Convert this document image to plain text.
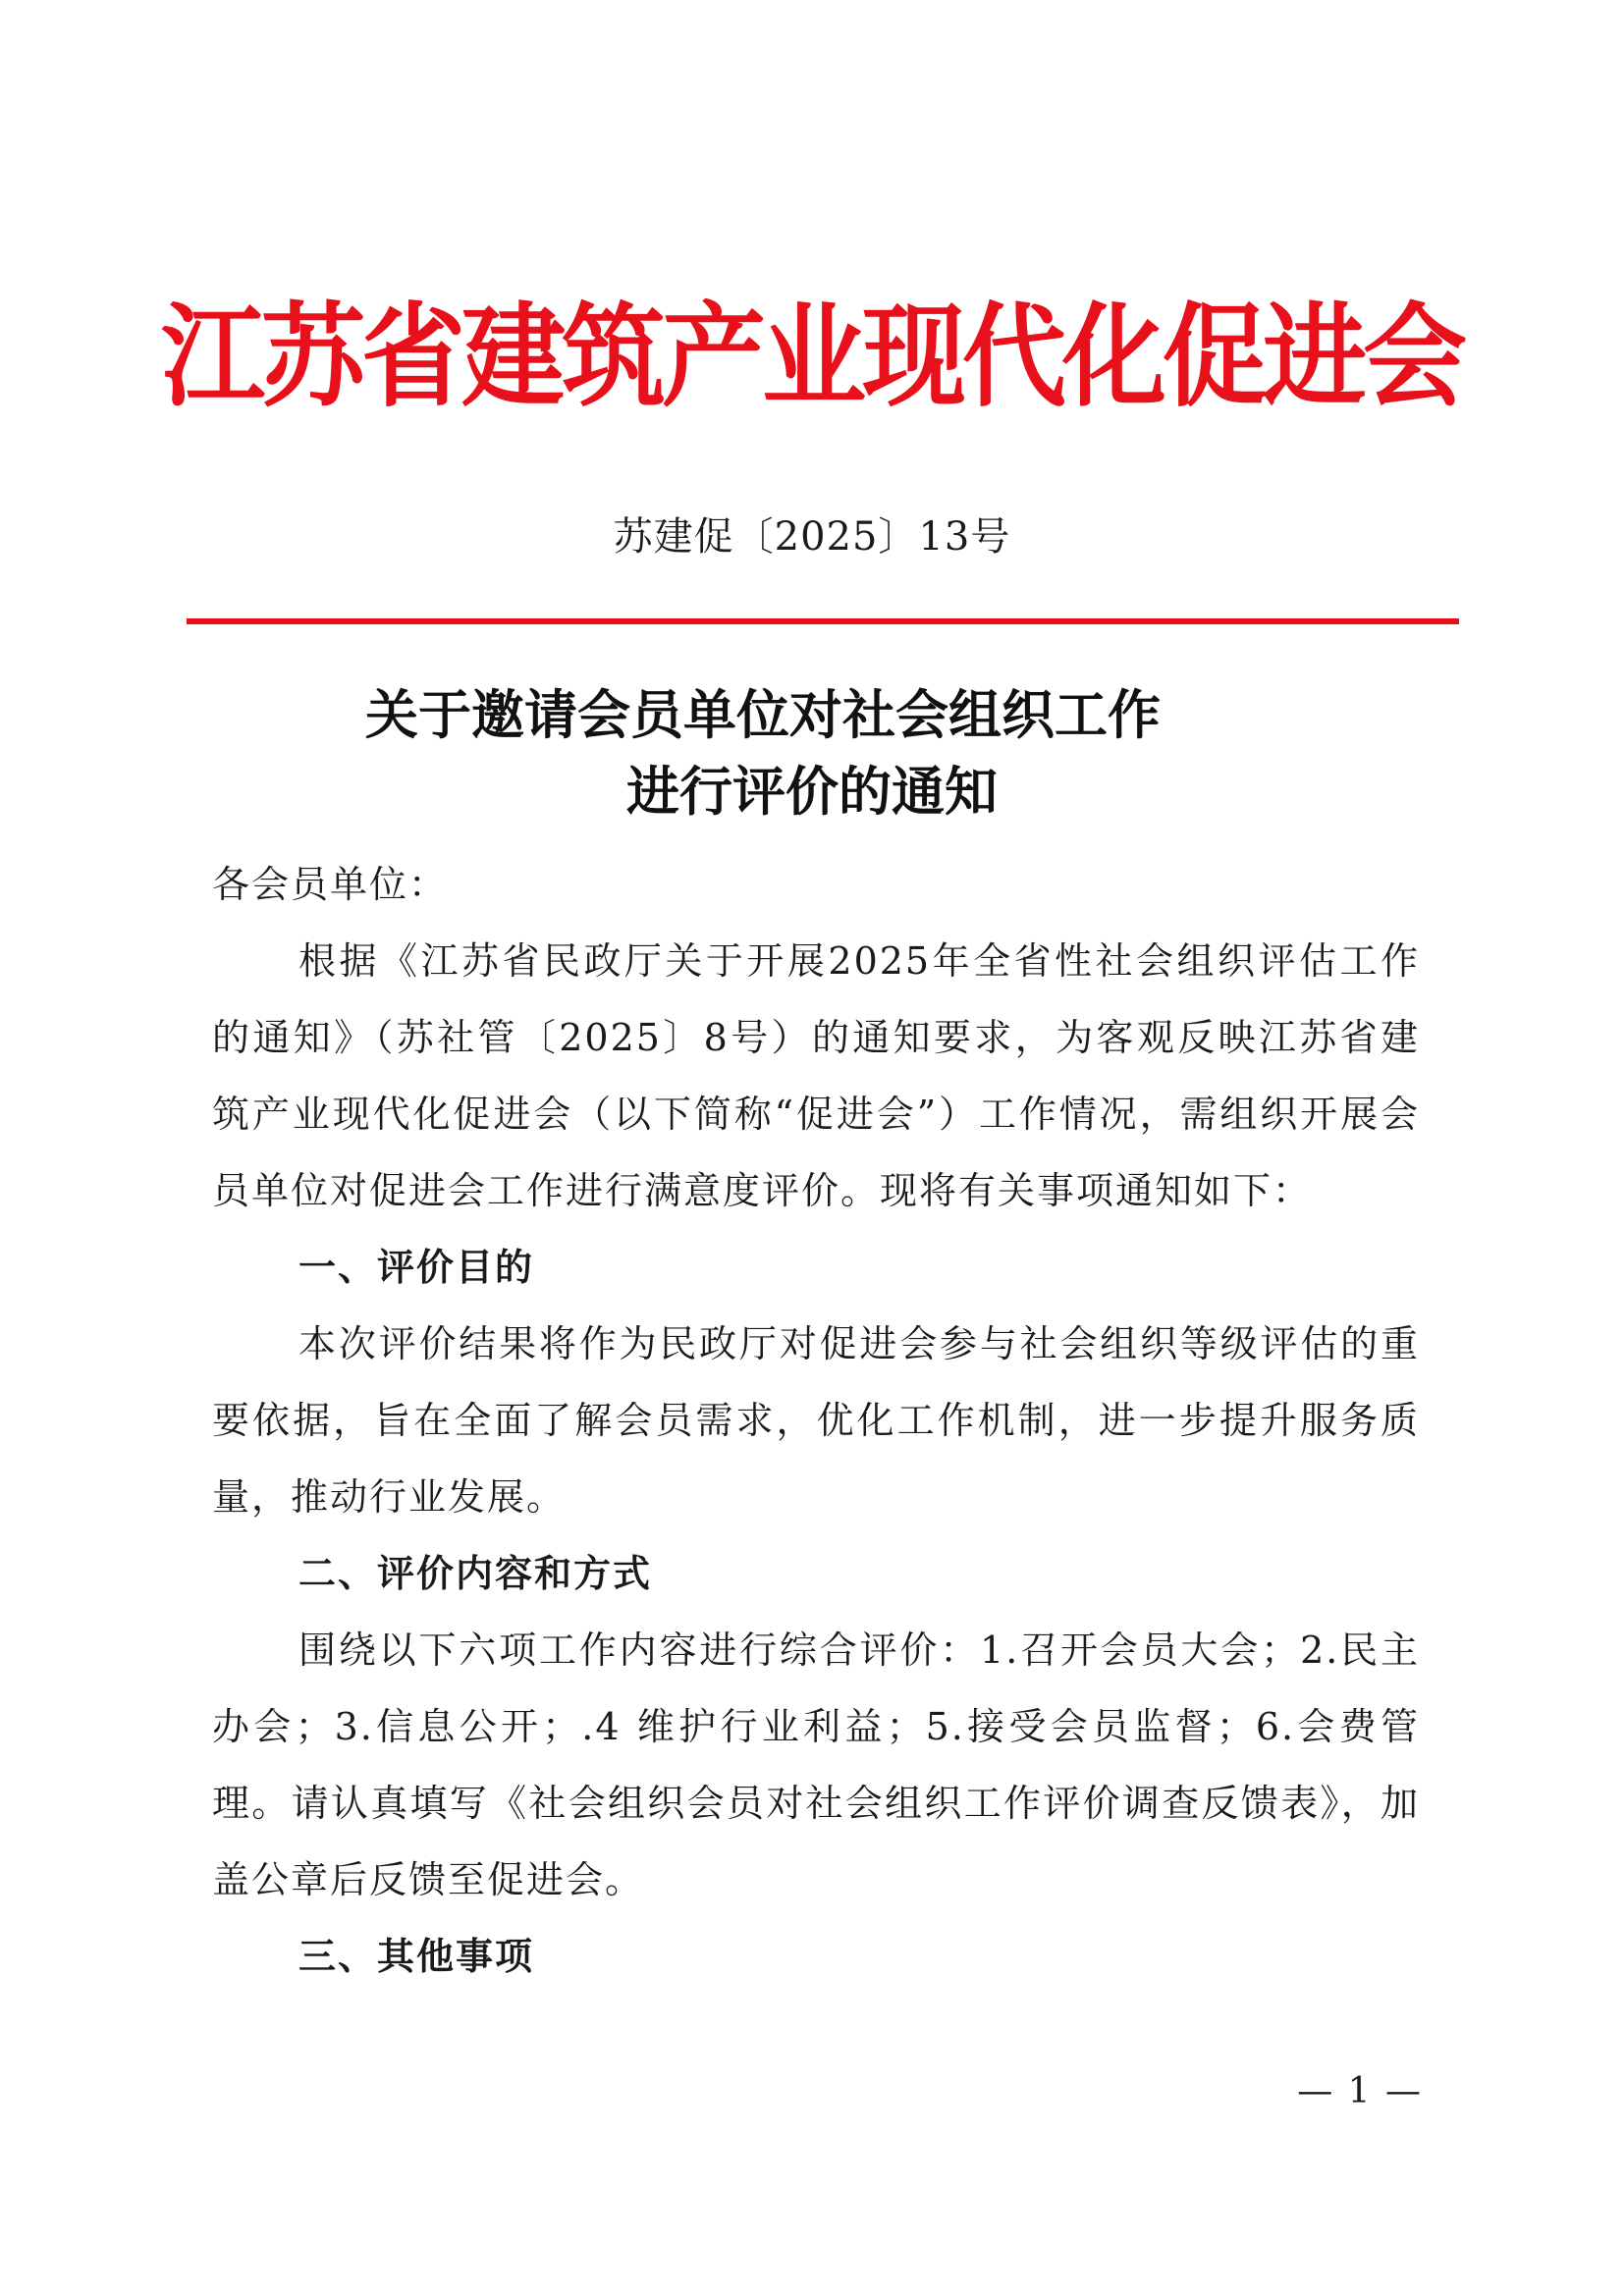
江苏省建筑产业现代化促进会
苏建促〔2025〕13号
关于邀请会员单位对社会组织工作
进行评价的通知

各会员单位：

根据《江苏省民政厅关于开展2025年全省性社会组织评估工作的通知》（苏社管〔2025〕8号）的通知要求，为客观反映江苏省建筑产业现代化促进会（以下简称“促进会”）工作情况，需组织开展会员单位对促进会工作进行满意度评价。现将有关事项通知如下：

一、评价目的

本次评价结果将作为民政厅对促进会参与社会组织等级评估的重要依据，旨在全面了解会员需求，优化工作机制，进一步提升服务质量，推动行业发展。

二、评价内容和方式

围绕以下六项工作内容进行综合评价：1.召开会员大会；2.民主办会；3.信息公开；.4 维护行业利益；5.接受会员监督；6.会费管理。请认真填写《社会组织会员对社会组织工作评价调查反馈表》，加盖公章后反馈至促进会。

三、其他事项

— 1 —
